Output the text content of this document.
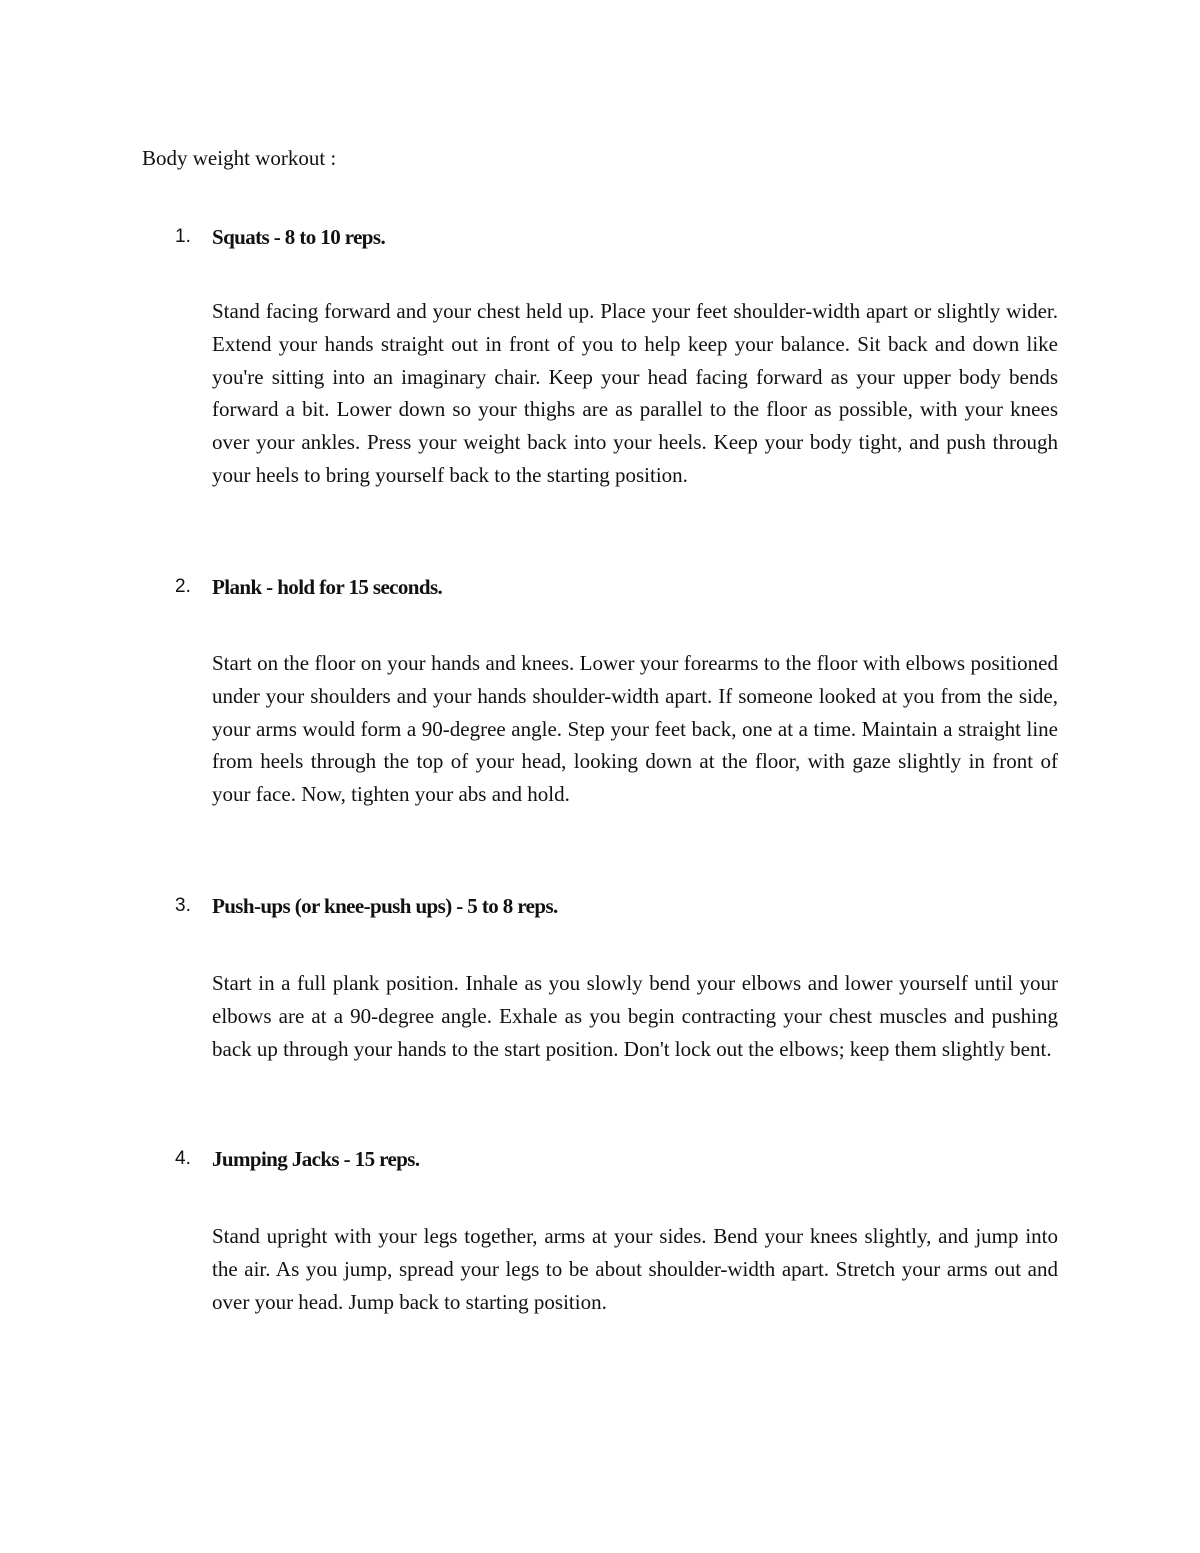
Body weight workout :

1. Squats - 8 to 10 reps.

Stand facing forward and your chest held up. Place your feet shoulder-width apart or slightly wider. Extend your hands straight out in front of you to help keep your balance. Sit back and down like you're sitting into an imaginary chair. Keep your head facing forward as your upper body bends forward a bit. Lower down so your thighs are as parallel to the floor as possible, with your knees over your ankles. Press your weight back into your heels. Keep your body tight, and push through your heels to bring yourself back to the starting position.

2. Plank - hold for 15 seconds.

Start on the floor on your hands and knees. Lower your forearms to the floor with elbows positioned under your shoulders and your hands shoulder-width apart. If someone looked at you from the side, your arms would form a 90-degree angle. Step your feet back, one at a time. Maintain a straight line from heels through the top of your head, looking down at the floor, with gaze slightly in front of your face. Now, tighten your abs and hold.

3. Push-ups (or knee-push ups) - 5 to 8 reps.

Start in a full plank position. Inhale as you slowly bend your elbows and lower yourself until your elbows are at a 90-degree angle. Exhale as you begin contracting your chest muscles and pushing back up through your hands to the start position. Don't lock out the elbows; keep them slightly bent.

4. Jumping Jacks - 15 reps.

Stand upright with your legs together, arms at your sides. Bend your knees slightly, and jump into the air. As you jump, spread your legs to be about shoulder-width apart. Stretch your arms out and over your head. Jump back to starting position.
